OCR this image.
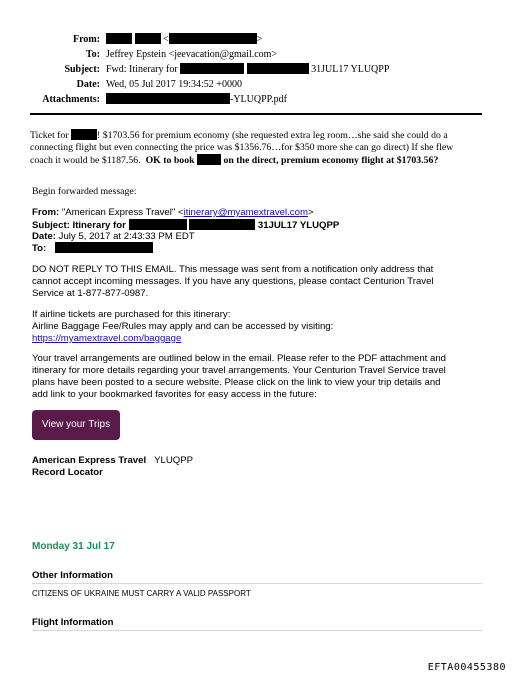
From:	<	>
To: Jeffrey Epstein <jeevacation@gmail.com>
Subject: Fwd: Itinerary for	31JUL17 YLUQPP
Date: Wed, 05 Jul 2017 19:34:52 +0000
Attachments:	-YLUQPP.pdf
Ticket for	! $1703.56 for premium economy (she requested extra leg room…she said she could do a
connecting flight but even connecting the price was $1356.76…for $350 more she can go direct) If she flew
coach it would be $1187.56. OK to book	on the direct, premium economy flight at $1703.56?
Begin forwarded message:
From: "American Express Travel" <itinerary@myamextravel.com>
Subject: Itinerary for	31JUL17 YLUQPP
Date: July 5, 2017 at 2:43:33 PM EDT
To:
DO NOT REPLY TO THIS EMAIL. This message was sent from a notification only address that
cannot accept incoming messages. If you have any questions, please contact Centurion Travel
Service at 1-877-877-0987.
If airline tickets are purchased for this itinerary:
Airline Baggage Fee/Rules may apply and can be accessed by visiting:
https://myamextravel.com/baggage
Your travel arrangements are outlined below in the email. Please refer to the PDF attachment and
itinerary for more details regarding your travel arrangements. Your Centurion Travel Service travel
plans have been posted to a secure website. Please click on the link to view your trip details and
add link to your bookmarked favorites for easy access in the future:
View your Trips
American Express Travel YLUQPP
Record Locator
Monday 31 Jul 17
Other Information
CITIZENS OF UKRAINE MUST CARRY A VALID PASSPORT
Flight Information
EFTA00455380
